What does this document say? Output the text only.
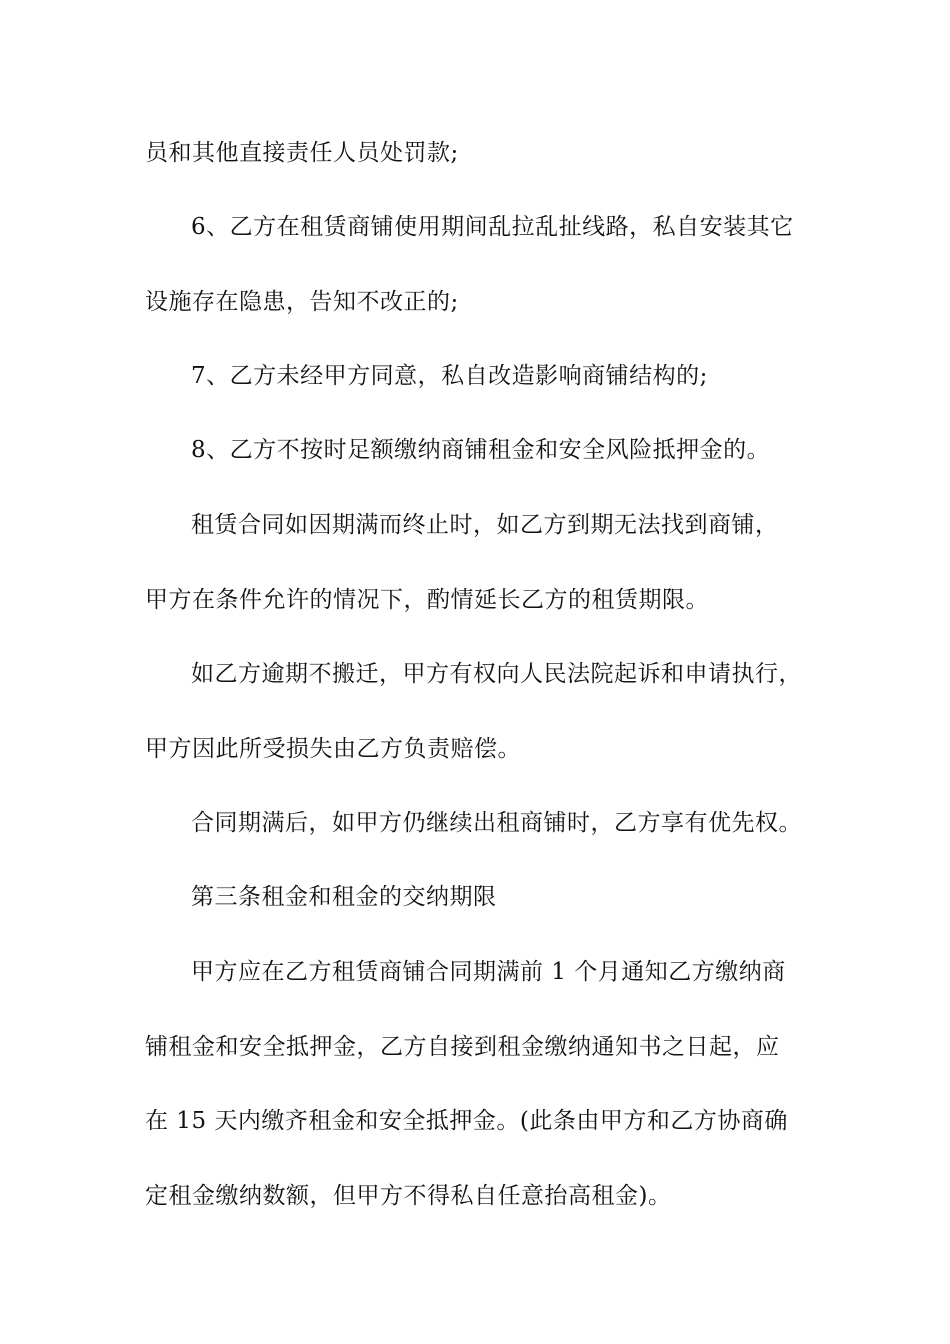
员和其他直接责任人员处罚款;
6、乙方在租赁商铺使用期间乱拉乱扯线路，私自安装其它
设施存在隐患，告知不改正的;
7、乙方未经甲方同意，私自改造影响商铺结构的;
8、乙方不按时足额缴纳商铺租金和安全风险抵押金的。
租赁合同如因期满而终止时，如乙方到期无法找到商铺，
甲方在条件允许的情况下，酌情延长乙方的租赁期限。
如乙方逾期不搬迁，甲方有权向人民法院起诉和申请执行，
甲方因此所受损失由乙方负责赔偿。
合同期满后，如甲方仍继续出租商铺时，乙方享有优先权。
第三条租金和租金的交纳期限
甲方应在乙方租赁商铺合同期满前 1 个月通知乙方缴纳商
铺租金和安全抵押金，乙方自接到租金缴纳通知书之日起，应
在 15 天内缴齐租金和安全抵押金。(此条由甲方和乙方协商确
定租金缴纳数额，但甲方不得私自任意抬高租金)。
